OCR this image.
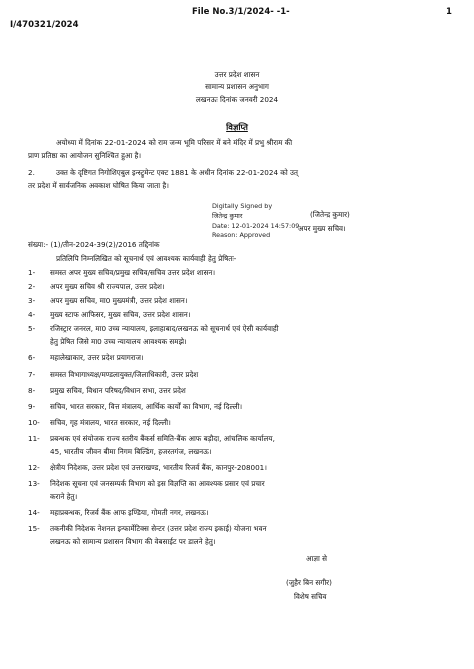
File No.3/1/2024- -1-	1
I/470321/2024
उत्तर प्रदेश शासन
सामान्य प्रशासन अनुभाग
लखनऊः दिनांक जनवरी 2024
विज्ञप्ति
अयोध्या में दिनांक 22-01-2024 को राम जन्म भूमि परिसर में बने मंदिर में प्रभु श्रीराम की
प्राण प्रतिष्ठा का आयोजन सुनिश्चित हुआ है।
2.	उक्त के दृष्टिगत निगोशिएबुल इन्स्ट्रूमेन्ट एक्ट 1881 के अधीन दिनांक 22-01-2024 को उत्
तर प्रदेश में सार्वजनिक अवकाश घोषित किया जाता है।
Digitally Signed by
जितेन्द्र कुमार
Date: 12-01-2024 14:57:09
Reason: Approved
(जितेन्द्र कुमार)
अपर मुख्य सचिव।
संख्या:- (1)/तीन-2024-39(2)/2016 तद्दिनांक
प्रतिलिपि निम्नलिखित को सूचनार्थ एवं आवश्यक कार्यवाही हेतु प्रेषितः-
1- समस्त अपर मुख्य सचिव/प्रमुख सचिव/सचिव उत्तर प्रदेश शासन।
2- अपर मुख्य सचिव श्री राज्यपाल, उत्तर प्रदेश।
3- अपर मुख्य सचिव, मा0 मुख्यमंत्री, उत्तर प्रदेश शासन।
4- मुख्य स्टाफ आफिसर, मुख्य सचिव, उत्तर प्रदेश शासन।
5- रजिस्ट्रार जनरल, मा0 उच्च न्यायालय, इलाहाबाद/लखनऊ को सूचनार्थ एवं ऐसी कार्यवाही
हेतु प्रेषित जिसे मा0 उच्च न्यायालय आवश्यक समझे।
6- महालेखाकार, उत्तर प्रदेश प्रयागराज।
7- समस्त विभागाध्यक्ष/मण्डलायुक्त/जिलाधिकारी, उत्तर प्रदेश
8- प्रमुख सचिव, विधान परिषद/विधान सभा, उत्तर प्रदेश
9- सचिव, भारत सरकार, वित्त मंत्रालय, आर्थिक कार्यों का विभाग, नई दिल्ली।
10- सचिव, गृह मंत्रालय, भारत सरकार, नई दिल्ली।
11- प्रबन्धक एवं संयोजक राज्य स्तरीय बैंकर्स समिति-बैंक आफ बड़ौदा, आंचलिक कार्यालय,
45, भारतीय जीवन बीमा निगम बिल्डिंग, हजरतगंज, लखनऊ।
12- क्षेत्रीय निदेशक, उत्तर प्रदेश एवं उत्तराखण्ड, भारतीय रिजर्व बैंक, कानपुर-208001।
13- निदेशक सूचना एवं जनसम्पर्क विभाग को इस विज्ञप्ति का आवश्यक प्रसार एवं प्रचार
कराने हेतु।
14- महाप्रबन्धक, रिजर्व बैंक आफ इण्डिया, गोमती नगर, लखनऊ।
15- तकनीकी निदेशक नेशनल इन्फार्मेटिक्स सेन्टर (उत्तर प्रदेश राज्य इकाई) योजना भवन
लखनऊ को सामान्य प्रशासन विभाग की वेबसाईट पर डालने हेतु।
आज्ञा से
(जुहैर बिन सगीर)
विशेष सचिव
